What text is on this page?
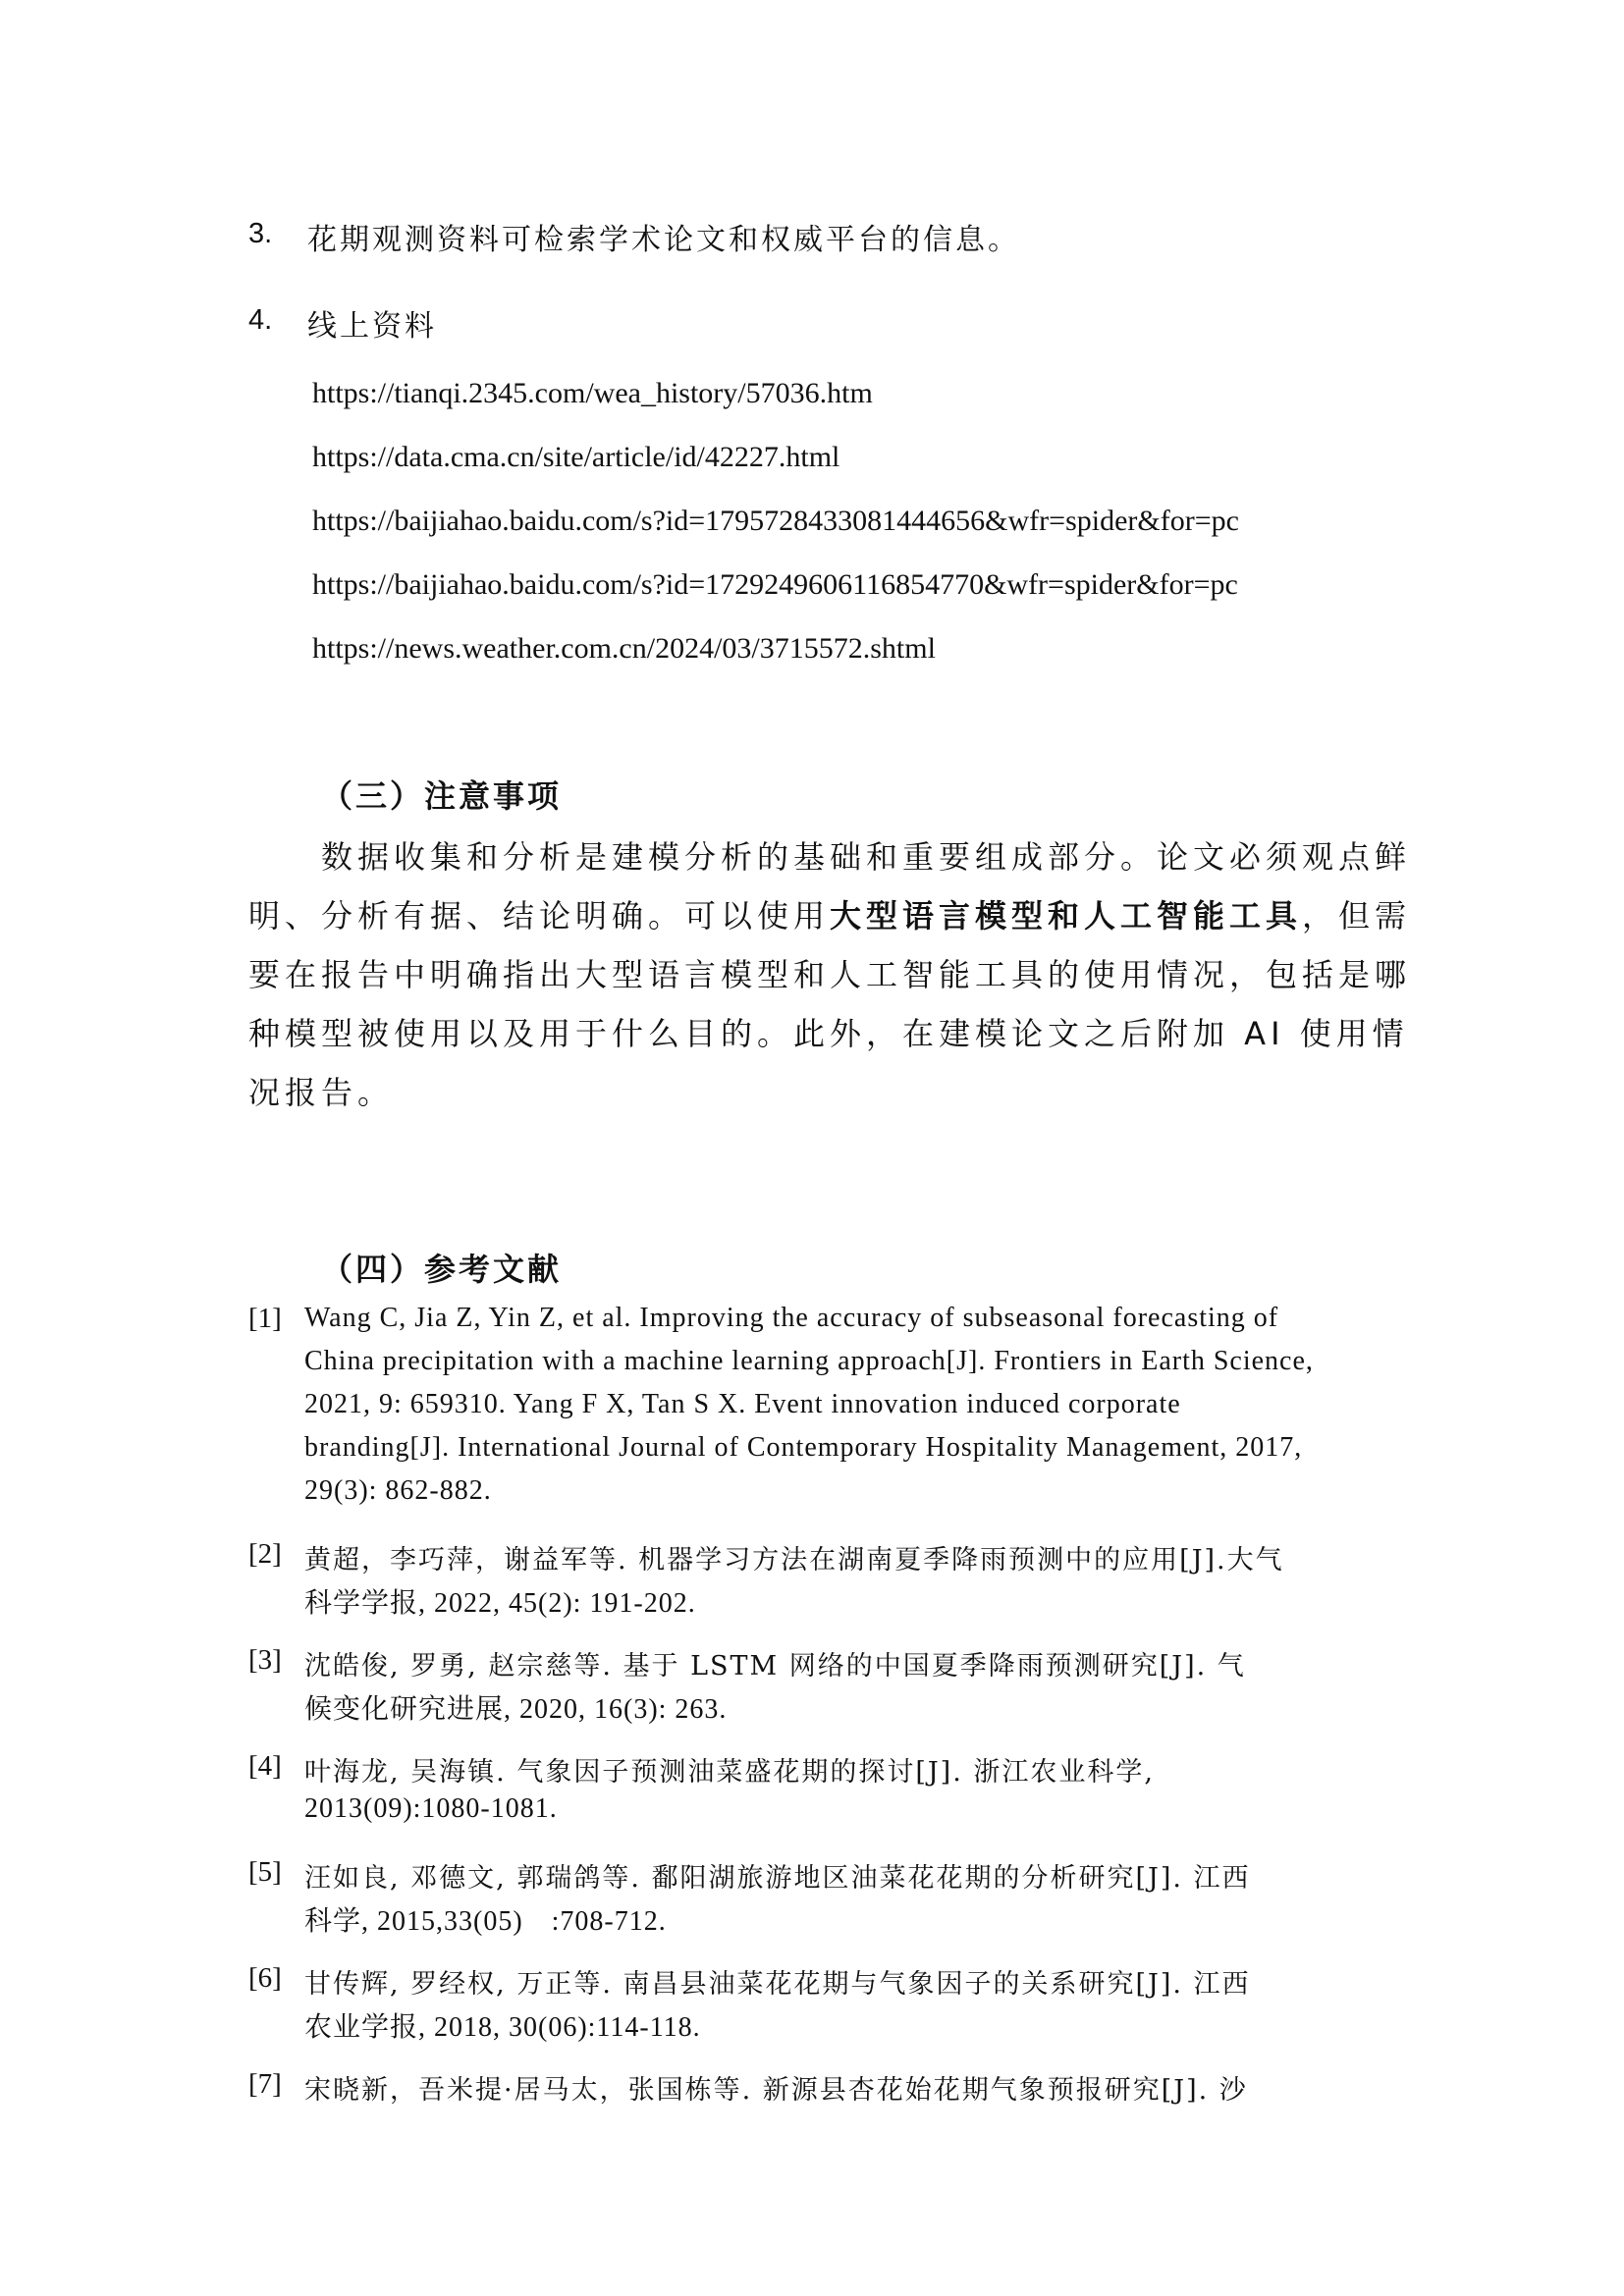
3. 花期观测资料可检索学术论文和权威平台的信息。
4. 线上资料
https://tianqi.2345.com/wea_history/57036.htm
https://data.cma.cn/site/article/id/42227.html
https://baijiahao.baidu.com/s?id=1795728433081444656&wfr=spider&for=pc
https://baijiahao.baidu.com/s?id=1729249606116854770&wfr=spider&for=pc
https://news.weather.com.cn/2024/03/3715572.shtml
（三）注意事项
数据收集和分析是建模分析的基础和重要组成部分。论文必须观点鲜
明、分析有据、结论明确。可以使用大型语言模型和人工智能工具，但需
要在报告中明确指出大型语言模型和人工智能工具的使用情况，包括是哪
种模型被使用以及用于什么目的。此外，在建模论文之后附加 AI 使用情
况报告。
（四）参考文献
[1] Wang C, Jia Z, Yin Z, et al. Improving the accuracy of subseasonal forecasting of
China precipitation with a machine learning approach[J]. Frontiers in Earth Science,
2021, 9: 659310. Yang F X, Tan S X. Event innovation induced corporate
branding[J]. International Journal of Contemporary Hospitality Management, 2017,
29(3): 862-882.
[2] 黄超，李巧萍，谢益军等. 机器学习方法在湖南夏季降雨预测中的应用[J].大气
科学学报, 2022, 45(2): 191-202.
[3] 沈皓俊, 罗勇, 赵宗慈等. 基于 LSTM 网络的中国夏季降雨预测研究[J]. 气
候变化研究进展, 2020, 16(3): 263.
[4] 叶海龙, 吴海镇. 气象因子预测油菜盛花期的探讨[J]. 浙江农业科学,
2013(09):1080-1081.
[5] 汪如良, 邓德文, 郭瑞鸽等. 鄱阳湖旅游地区油菜花花期的分析研究[J]. 江西
科学, 2015,33(05)　:708-712.
[6] 甘传辉, 罗经权, 万正等. 南昌县油菜花花期与气象因子的关系研究[J]. 江西
农业学报, 2018, 30(06):114-118.
[7] 宋晓新，吾米提·居马太，张国栋等. 新源县杏花始花期气象预报研究[J]. 沙
